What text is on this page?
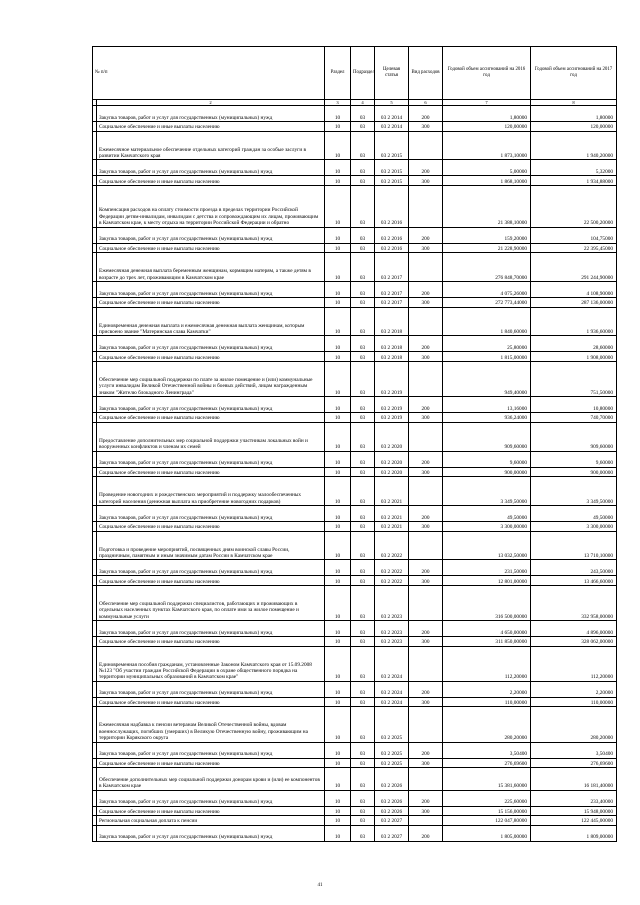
№ п/п		Раздел	Подраздел	Целевая статья	Вид расходов	Годовой объем ассигнований на 2016 год	Годовой объем ассигнований на 2017 год
1	2	3	4	5	6	7	8
	Закупка товаров, работ и услуг для государственных (муниципальных) нужд	10	03	03 2 2014	200	1,80000	1,80000
	Социальное обеспечение и иные выплаты населению	10	03	03 2 2014	300	120,00000	120,00000
	Ежемесячное материальное обеспечение отдельных категорий граждан за особые заслуги в развитии Камчатского края	10	03	03 2 2015		1 873,10000	1 940,20000
	Закупка товаров, работ и услуг для государственных (муниципальных) нужд	10	03	03 2 2015	200	5,00000	5,32000
	Социальное обеспечение и иные выплаты населению	10	03	03 2 2015	300	1 868,10000	1 934,88000
	Компенсация расходов на оплату стоимости проезда в пределах территории Российской Федерации детям-инвалидам, инвалидам с детства и сопровождающим их лицам, проживающим в Камчатском крае, к месту отдыха на территории Российской Федерации и обратно	10	03	03 2 2016		21 388,10000	22 500,20000
	Закупка товаров, работ и услуг для государственных (муниципальных) нужд	10	03	03 2 2016	200	159,20000	104,75000
	Социальное обеспечение и иные выплаты населению	10	03	03 2 2016	300	21 228,90000	22 395,45000
	Ежемесячная денежная выплата беременным женщинам, кормящим матерям, а также детям в возрасте до трех лет, проживающим в Камчатском крае	10	03	03 2 2017		276 848,70000	291 244,90000
	Закупка товаров, работ и услуг для государственных (муниципальных) нужд	10	03	03 2 2017	200	4 075,26000	4 108,90000
	Социальное обеспечение и иные выплаты населению	10	03	03 2 2017	300	272 773,44000	287 136,00000
	Единовременная денежная выплата и ежемесячная денежная выплата женщинам, которым присвоено звание "Материнская слава Камчатки"	10	03	03 2 2018		1 840,60000	1 936,60000
	Закупка товаров, работ и услуг для государственных (муниципальных) нужд	10	03	03 2 2018	200	25,80000	28,60000
	Социальное обеспечение и иные выплаты населению	10	03	03 2 2018	300	1 815,00000	1 908,00000
	Обеспечение мер социальной поддержки по плате за жилое помещение и (или) коммунальные услуги инвалидам Великой Отечественной войны и боевых действий, лицам награжденным знаком "Жителю блокадного Ленинграда"	10	03	03 2 2019		949,40000	751,50000
	Закупка товаров, работ и услуг для государственных (муниципальных) нужд	10	03	03 2 2019	200	13,16000	10,80000
	Социальное обеспечение и иные выплаты населению	10	03	03 2 2019	300	936,24000	740,70000
	Предоставление дополнительных мер социальной поддержки участникам локальных войн и вооруженных конфликтов и членам их семей	10	03	03 2 2020		909,60000	909,60000
	Закупка товаров, работ и услуг для государственных (муниципальных) нужд	10	03	03 2 2020	200	9,60000	9,60000
	Социальное обеспечение и иные выплаты населению	10	03	03 2 2020	300	900,00000	900,00000
	Проведение новогодних и рождественских мероприятий и поддержку малообеспеченных категорий населения (денежная выплата на приобретение новогодних подарков)	10	03	03 2 2021		3 349,50000	3 349,50000
	Закупка товаров, работ и услуг для государственных (муниципальных) нужд	10	03	03 2 2021	200	49,50000	49,50000
	Социальное обеспечение и иные выплаты населению	10	03	03 2 2021	300	3 300,00000	3 300,00000
	Подготовка и проведение мероприятий, посвященных дням воинской славы России, праздничным, памятным и иным значимым датам России в Камчатском крае	10	03	03 2 2022		13 032,50000	13 710,10000
	Закупка товаров, работ и услуг для государственных (муниципальных) нужд	10	03	03 2 2022	200	231,50000	243,50000
	Социальное обеспечение и иные выплаты населению	10	03	03 2 2022	300	12 801,00000	13 466,60000
	Обеспечение мер социальной поддержки специалистов, работающих и проживающих в отдельных населенных пунктах Камчатского края, по оплате ими за жилое помещение и коммунальные услуги	10	03	03 2 2023		316 500,00000	332 958,00000
	Закупка товаров, работ и услуг для государственных (муниципальных) нужд	10	03	03 2 2023	200	4 650,00000	4 896,00000
	Социальное обеспечение и иные выплаты населению	10	03	03 2 2023	300	311 850,00000	328 062,00000
	Единовременная пособия гражданам, установленные Законом Камчатского края от 15.09.2008 №123 "Об участии граждан Российской Федерации в охране общественного порядка на территории муниципальных образований в Камчатском крае"	10	03	03 2 2024		112,20000	112,20000
	Закупка товаров, работ и услуг для государственных (муниципальных) нужд	10	03	03 2 2024	200	2,20000	2,20000
	Социальное обеспечение и иные выплаты населению	10	03	03 2 2024	300	110,00000	110,00000
	Ежемесячная надбавка к пенсии ветеранам Великой Отечественной войны, вдовам военнослужащих, погибших (умерших) в Великую Отечественную войну, проживающим на территории Корякского округа	10	03	03 2 2025		280,20000	280,20000
	Закупка товаров, работ и услуг для государственных (муниципальных) нужд	10	03	03 2 2025	200	3,50400	3,50400
	Социальное обеспечение и иные выплаты населению	10	03	03 2 2025	300	276,69600	276,69600
	Обеспечение дополнительных мер социальной поддержки донорам крови и (или) ее компонентов в Камчатском крае	10	03	03 2 2026		15 381,60000	16 181,40000
	Закупка товаров, работ и услуг для государственных (муниципальных) нужд	10	03	03 2 2026	200	225,60000	233,40000
	Социальное обеспечение и иные выплаты населению	10	03	03 2 2026	300	15 156,00000	15 948,00000
	Региональная социальная доплата к пенсии	10	03	03 2 2027		122 047,80000	122 445,00000
	Закупка товаров, работ и услуг для государственных (муниципальных) нужд	10	03	03 2 2027	200	1 805,00000	1 809,00000
41
